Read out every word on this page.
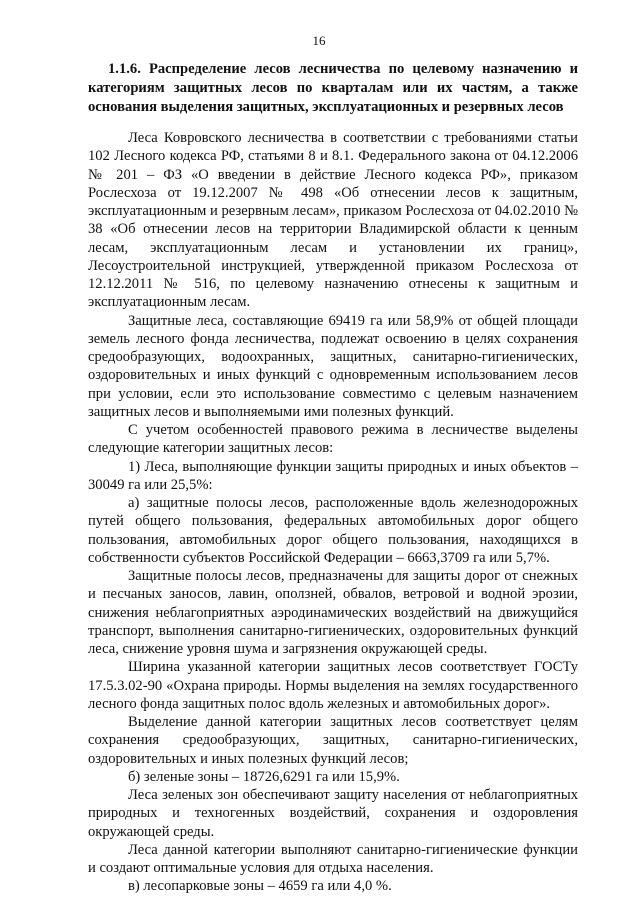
16
1.1.6. Распределение лесов лесничества по целевому назначению и категориям защитных лесов по кварталам или их частям, а также основания выделения защитных, эксплуатационных и резервных лесов

Леса Ковровского лесничества в соответствии с требованиями статьи 102 Лесного кодекса РФ, статьями 8 и 8.1. Федерального закона от 04.12.2006 № 201 – ФЗ «О введении в действие Лесного кодекса РФ», приказом Рослесхоза от 19.12.2007 № 498 «Об отнесении лесов к защитным, эксплуатационным и резервным лесам», приказом Рослесхоза от 04.02.2010 № 38 «Об отнесении лесов на территории Владимирской области к ценным лесам, эксплуатационным лесам и установлении их границ», Лесоустроительной инструкцией, утвержденной приказом Рослесхоза от 12.12.2011 № 516, по целевому назначению отнесены к защитным и эксплуатационным лесам.

Защитные леса, составляющие 69419 га или 58,9% от общей площади земель лесного фонда лесничества, подлежат освоению в целях сохранения средообразующих, водоохранных, защитных, санитарно-гигиенических, оздоровительных и иных функций с одновременным использованием лесов при условии, если это использование совместимо с целевым назначением защитных лесов и выполняемыми ими полезных функций.

С учетом особенностей правового режима в лесничестве выделены следующие категории защитных лесов:

1) Леса, выполняющие функции защиты природных и иных объектов – 30049 га или 25,5%:

а) защитные полосы лесов, расположенные вдоль железнодорожных путей общего пользования, федеральных автомобильных дорог общего пользования, автомобильных дорог общего пользования, находящихся в собственности субъектов Российской Федерации – 6663,3709 га или 5,7%.

Защитные полосы лесов, предназначены для защиты дорог от снежных и песчаных заносов, лавин, оползней, обвалов, ветровой и водной эрозии, снижения неблагоприятных аэродинамических воздействий на движущийся транспорт, выполнения санитарно-гигиенических, оздоровительных функций леса, снижение уровня шума и загрязнения окружающей среды.

Ширина указанной категории защитных лесов соответствует ГОСТу 17.5.3.02-90 «Охрана природы. Нормы выделения на землях государственного лесного фонда защитных полос вдоль железных и автомобильных дорог».

Выделение данной категории защитных лесов соответствует целям сохранения средообразующих, защитных, санитарно-гигиенических, оздоровительных и иных полезных функций лесов;

б) зеленые зоны – 18726,6291 га или 15,9%.

Леса зеленых зон обеспечивают защиту населения от неблагоприятных природных и техногенных воздействий, сохранения и оздоровления окружающей среды.

Леса данной категории выполняют санитарно-гигиенические функции и создают оптимальные условия для отдыха населения.

в) лесопарковые зоны – 4659 га или 4,0 %.
